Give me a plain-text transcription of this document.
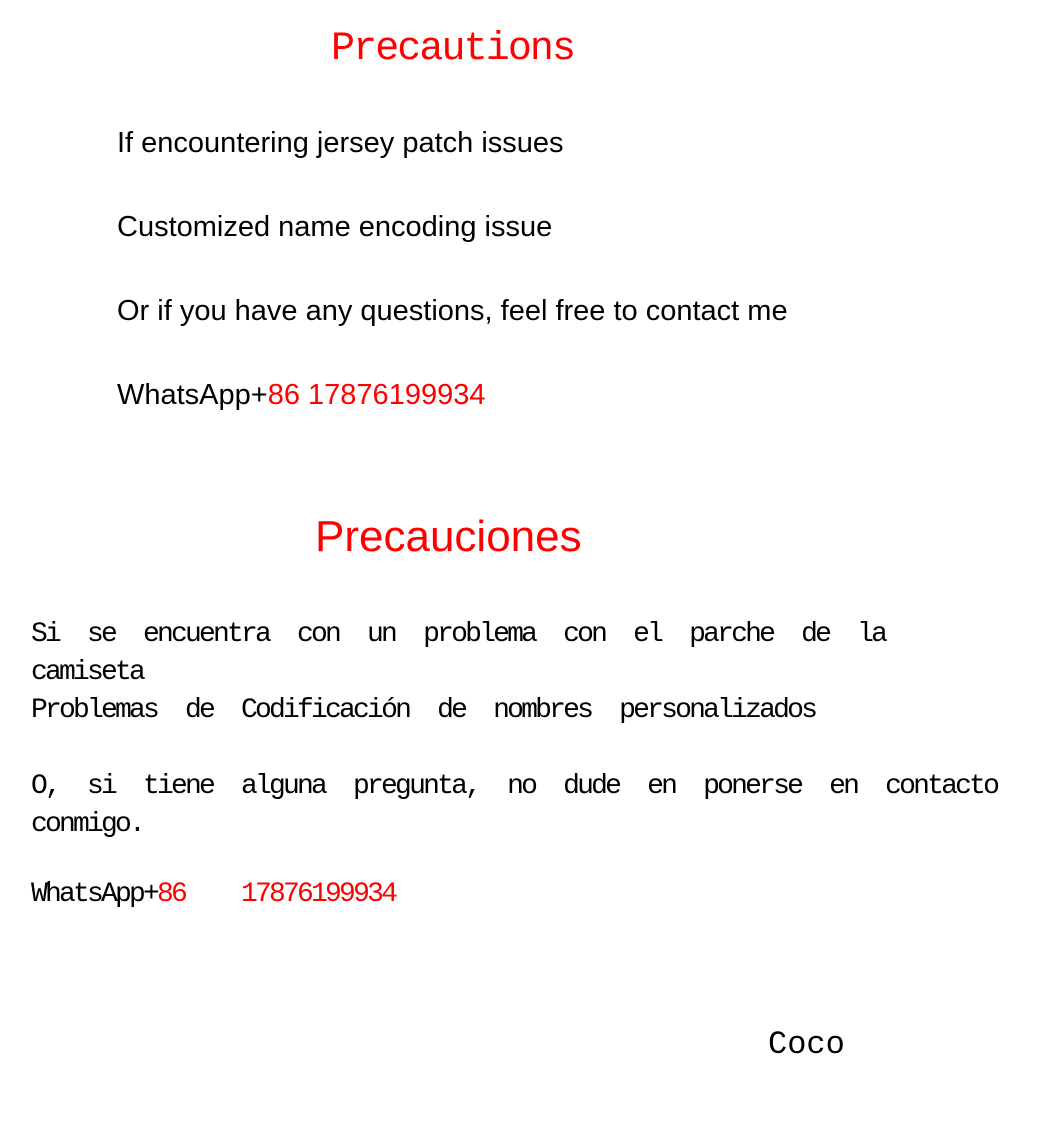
Precautions

If encountering jersey patch issues

Customized name encoding issue

Or if you have any questions, feel free to contact me

WhatsApp+86 17876199934

Precauciones

Si se encuentra con un problema con el parche de la camiseta

Problemas de Codificación de nombres personalizados

O, si tiene alguna pregunta, no dude en ponerse en contacto conmigo.

WhatsApp+86  17876199934

Coco
